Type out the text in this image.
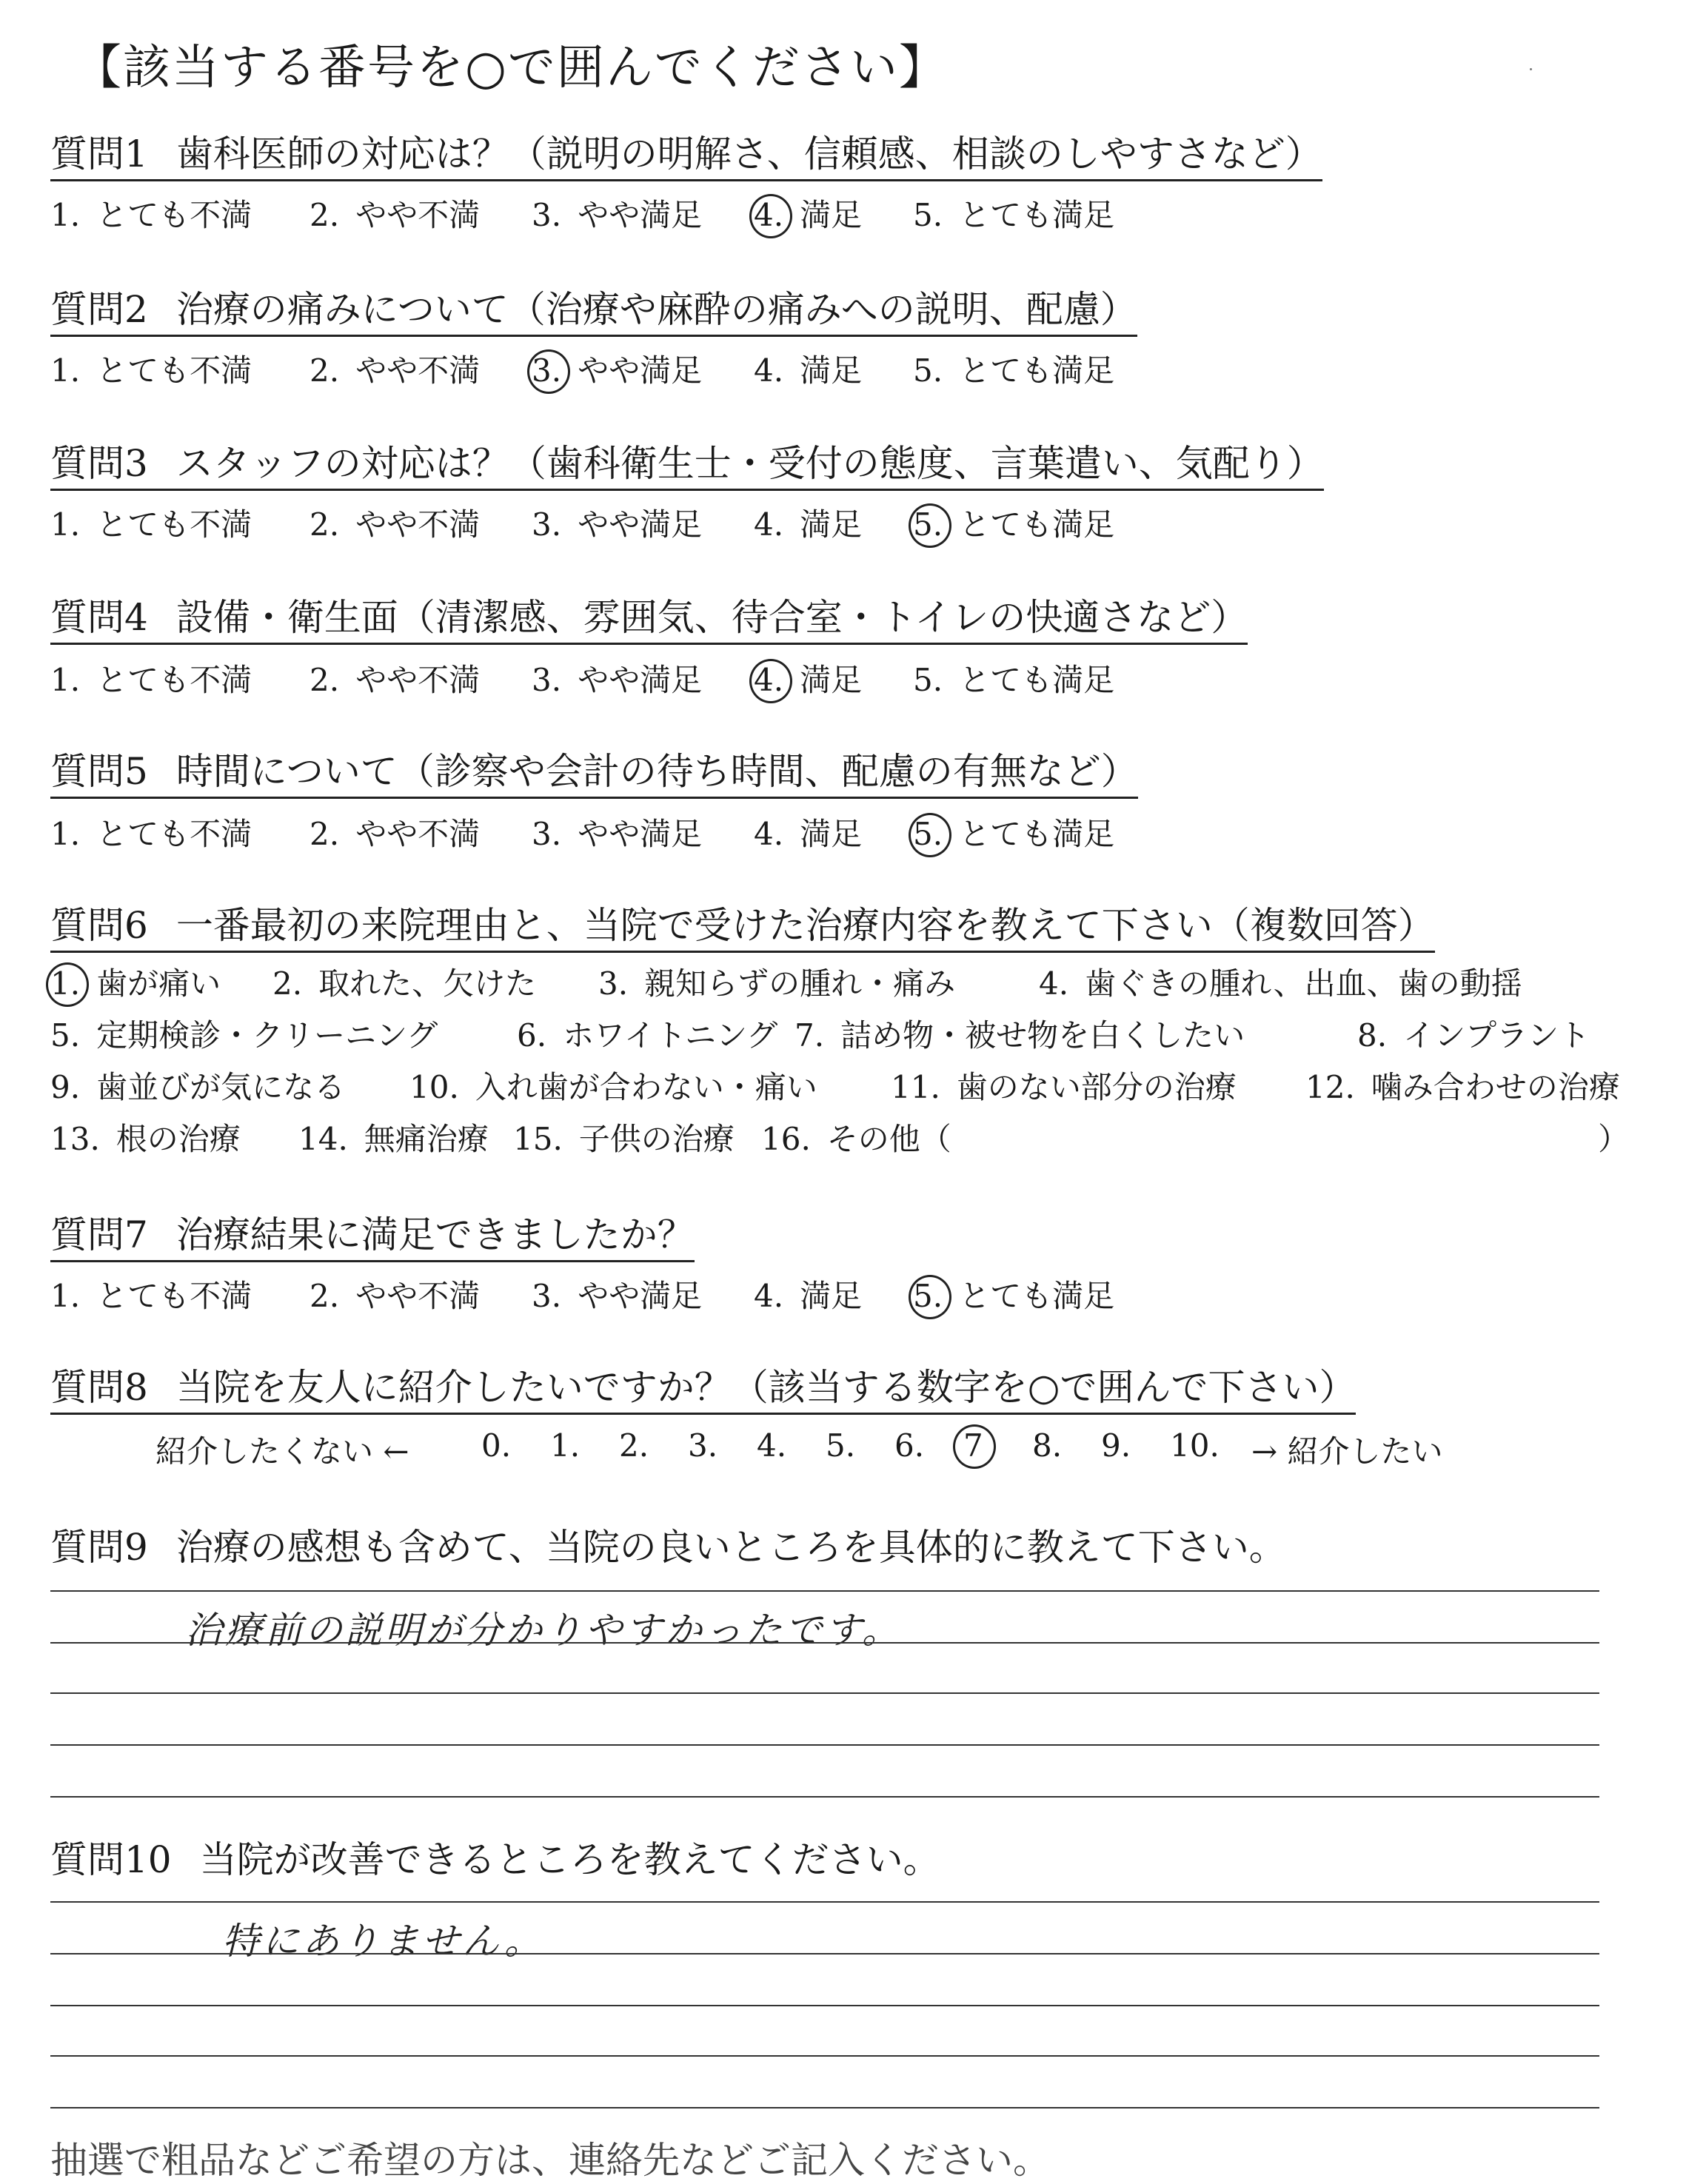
【該当する番号を○で囲んでください】
質問1 歯科医師の対応は？（説明の明解さ、信頼感、相談のしやすさなど）
1. とても不満 2. やや不満 3. やや満足 4. 満足 5. とても満足
質問2 治療の痛みについて（治療や麻酔の痛みへの説明、配慮）
1. とても不満 2. やや不満 3. やや満足 4. 満足 5. とても満足
質問3 スタッフの対応は？（歯科衛生士・受付の態度、言葉遣い、気配り）
1. とても不満 2. やや不満 3. やや満足 4. 満足 5. とても満足
質問4 設備・衛生面（清潔感、雰囲気、待合室・トイレの快適さなど）
1. とても不満 2. やや不満 3. やや満足 4. 満足 5. とても満足
質問5 時間について（診察や会計の待ち時間、配慮の有無など）
1. とても不満 2. やや不満 3. やや満足 4. 満足 5. とても満足
質問6 一番最初の来院理由と、当院で受けた治療内容を教えて下さい（複数回答）
1. 歯が痛い 2. 取れた、欠けた 3. 親知らずの腫れ・痛み	4. 歯ぐきの腫れ、出血、歯の動揺
5. 定期検診・クリーニング	6. ホワイトニング 7. 詰め物・被せ物を白くしたい	8. インプラント
9. 歯並びが気になる 10. 入れ歯が合わない・痛い 11. 歯のない部分の治療 12. 噛み合わせの治療
13. 根の治療 14. 無痛治療 15. 子供の治療 16. その他（	）
質問7 治療結果に満足できましたか？
1. とても不満 2. やや不満 3. やや満足 4. 満足 5. とても満足
質問8 当院を友人に紹介したいですか？（該当する数字を○で囲んで下さい）
紹介したくない ←	→ 紹介したい
0. 1. 2. 3. 4. 5. 6. 7 8. 9. 10.
質問9 治療の感想も含めて、当院の良いところを具体的に教えて下さい。
治療前の説明が分かりやすかったです。
質問10 当院が改善できるところを教えてください。
特にありません。
抽選で粗品などご希望の方は、連絡先などご記入ください。
